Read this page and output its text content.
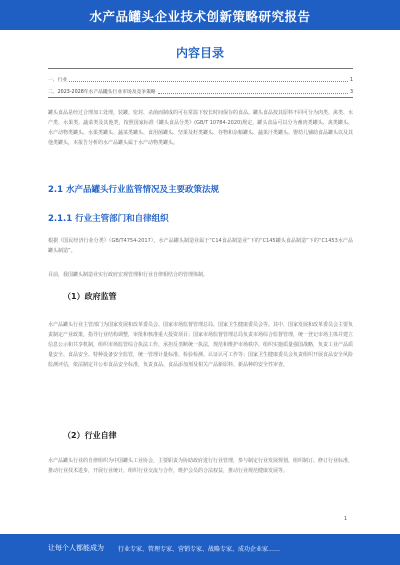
水产品罐头企业技术创新策略研究报告
内容目录
一、行业	1
二、2023-2028年水产品罐头行业市场及竞争策略	3

罐头食品是经过合理加工处理，装罐、密封、杀菌而制成的可在常温下较长时间保存的食品。罐头食品按其原料不同可分为肉类、禽类、水产类、水果类、蔬菜类及其他类，按照国家标准《罐头食品分类》(GB/T 10784-2020)规定，罐头食品可以分为畜肉类罐头、禽类罐头、水产动物类罐头、水果类罐头、蔬菜类罐头、食用菌罐头、坚果及籽类罐头、谷物和杂粮罐头、蔬果汁类罐头、婴幼儿辅助食品罐头以及其他类罐头，本报告分析的水产品罐头属于水产动物类罐头。

2.1 水产品罐头行业监管情况及主要政策法规
2.1.1 行业主管部门和自律组织

根据《国民经济行业分类》（GB/T4754-2017），水产品罐头制造业属于“C14食品制造业”下的“C145罐头食品制造”下的“C1453水产品罐头制造”。

目前，我国罐头制造业实行政府宏观管理和行业自律相结合的管理体制。

（1）政府监管

水产品罐头行业主管部门为国家发展和改革委员会、国家市场监督管理总局、国家卫生健康委员会等。其中，国家发展和改革委员会主要负责制定产业政策，指导行业结构调整，审批和核准重大投资项目；国家市场监督管理总局负责市场综合监督管理，统一登记市场主体并建立信息公示和共享机制，组织市场监管综合执法工作，承担反垄断统一执法，规范和维护市场秩序，组织实施质量强国战略，负责工业产品质量安全、食品安全、特种设备安全监管，统一管理计量标准、检验检测、认证认可工作等；国家卫生健康委员会负责组织开展食品安全风险监测评估，依法制定并公布食品安全标准，负责食品、食品添加剂及相关产品新原料、新品种的安全性审查。

（2）行业自律

水产品罐头行业的自律组织为中国罐头工业协会，主要职责为协助政府进行行业管理，参与制定行业发展规划，组织制订、修订行业标准，推动行业技术进步，开展行业统计，组织行业交流与合作，维护会员的合法权益，推动行业规范健康发展等。

1
让每个人都能成为 行业专家、管理专家、营销专家、战略专家、成功企业家……
